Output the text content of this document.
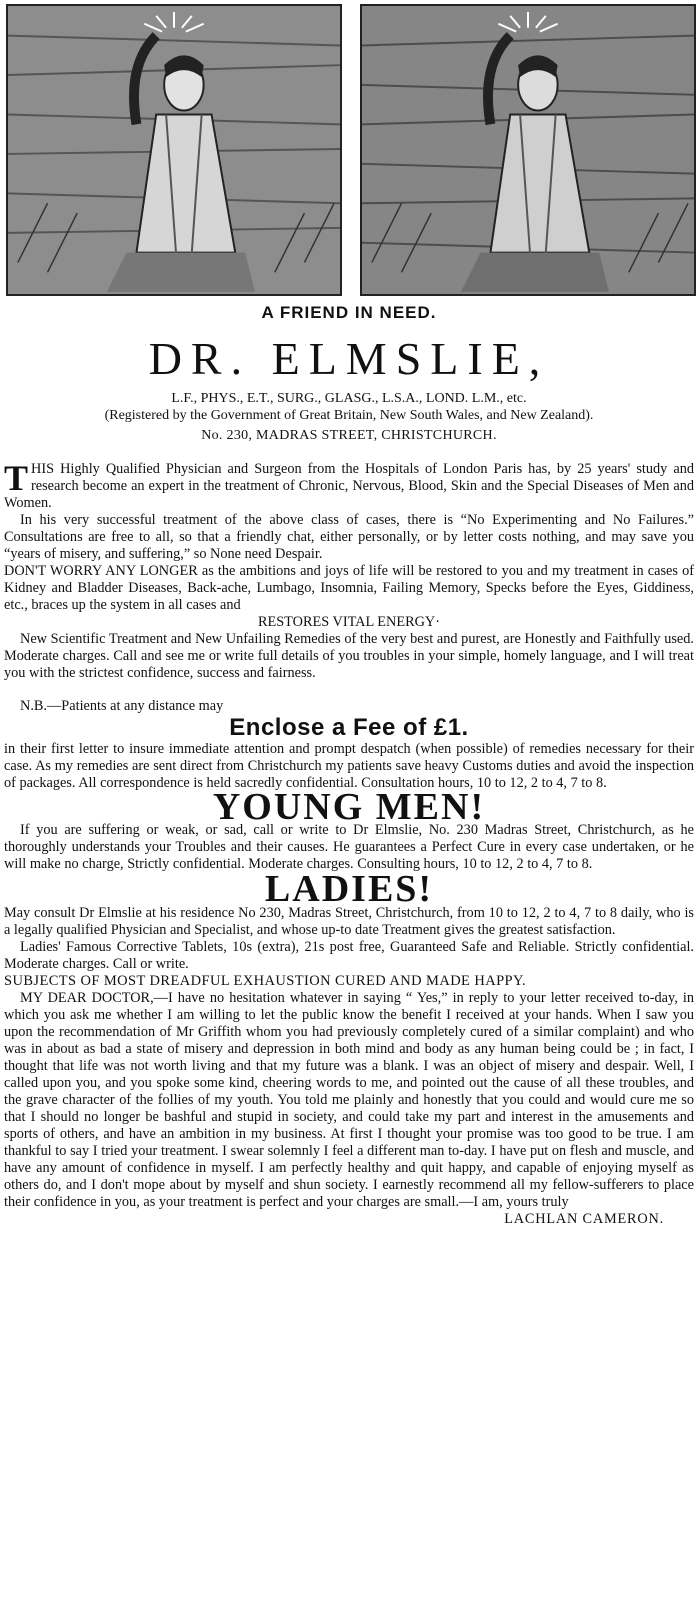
A FRIEND IN NEED.
DR. ELMSLIE,
L.F., PHYS., E.T., SURG., GLASG., L.S.A., LOND. L.M., etc.
(Registered by the Government of Great Britain, New South Wales, and New Zealand).
No. 230, MADRAS STREET, CHRISTCHURCH.

THIS Highly Qualified Physician and Surgeon from the Hospitals of London Paris has, by 25 years' study and research become an expert in the treatment of Chronic, Nervous, Blood, Skin and the Special Diseases of Men and Women.

In his very successful treatment of the above class of cases, there is “No Experimenting and No Failures.” Consultations are free to all, so that a friendly chat, either personally, or by letter costs nothing, and may save you “years of misery, and suffering,” so None need Despair.

DON'T WORRY ANY LONGER as the ambitions and joys of life will be restored to you and my treatment in cases of Kidney and Bladder Diseases, Back-ache, Lumbago, Insomnia, Failing Memory, Specks before the Eyes, Giddiness, etc., braces up the system in all cases and

RESTORES VITAL ENERGY·

New Scientific Treatment and New Unfailing Remedies of the very best and purest, are Honestly and Faithfully used. Moderate charges. Call and see me or write full details of you troubles in your simple, homely language, and I will treat you with the strictest confidence, success and fairness.

N.B.—Patients at any distance may

Enclose a Fee of £1.

in their first letter to insure immediate attention and prompt despatch (when possible) of remedies necessary for their case. As my remedies are sent direct from Christchurch my patients save heavy Customs duties and avoid the inspection of packages. All correspondence is held sacredly confidential. Consultation hours, 10 to 12, 2 to 4, 7 to 8.

YOUNG MEN!

If you are suffering or weak, or sad, call or write to Dr Elmslie, No. 230 Madras Street, Christchurch, as he thoroughly understands your Troubles and their causes. He guarantees a Perfect Cure in every case undertaken, or he will make no charge, Strictly confidential. Moderate charges. Consulting hours, 10 to 12, 2 to 4, 7 to 8.

LADIES!

May consult Dr Elmslie at his residence No 230, Madras Street, Christchurch, from 10 to 12, 2 to 4, 7 to 8 daily, who is a legally qualified Physician and Specialist, and whose up-to date Treatment gives the greatest satisfaction.

Ladies' Famous Corrective Tablets, 10s (extra), 21s post free, Guaranteed Safe and Reliable. Strictly confidential. Moderate charges. Call or write.

SUBJECTS OF MOST DREADFUL EXHAUSTION CURED AND MADE HAPPY.

MY DEAR DOCTOR,—I have no hesitation whatever in saying “ Yes,” in reply to your letter received to-day, in which you ask me whether I am willing to let the public know the benefit I received at your hands. When I saw you upon the recommendation of Mr Griffith whom you had previously completely cured of a similar complaint) and who was in about as bad a state of misery and depression in both mind and body as any human being could be ; in fact, I thought that life was not worth living and that my future was a blank. I was an object of misery and despair. Well, I called upon you, and you spoke some kind, cheering words to me, and pointed out the cause of all these troubles, and the grave character of the follies of my youth. You told me plainly and honestly that you could and would cure me so that I should no longer be bashful and stupid in society, and could take my part and interest in the amusements and sports of others, and have an ambition in my business. At first I thought your promise was too good to be true. I am thankful to say I tried your treatment. I swear solemnly I feel a different man to-day. I have put on flesh and muscle, and have any amount of confidence in myself. I am perfectly healthy and quit happy, and capable of enjoying myself as others do, and I don't mope about by myself and shun society. I earnestly recommend all my fellow-sufferers to place their confidence in you, as your treatment is perfect and your charges are small.—I am, yours truly

LACHLAN CAMERON.
